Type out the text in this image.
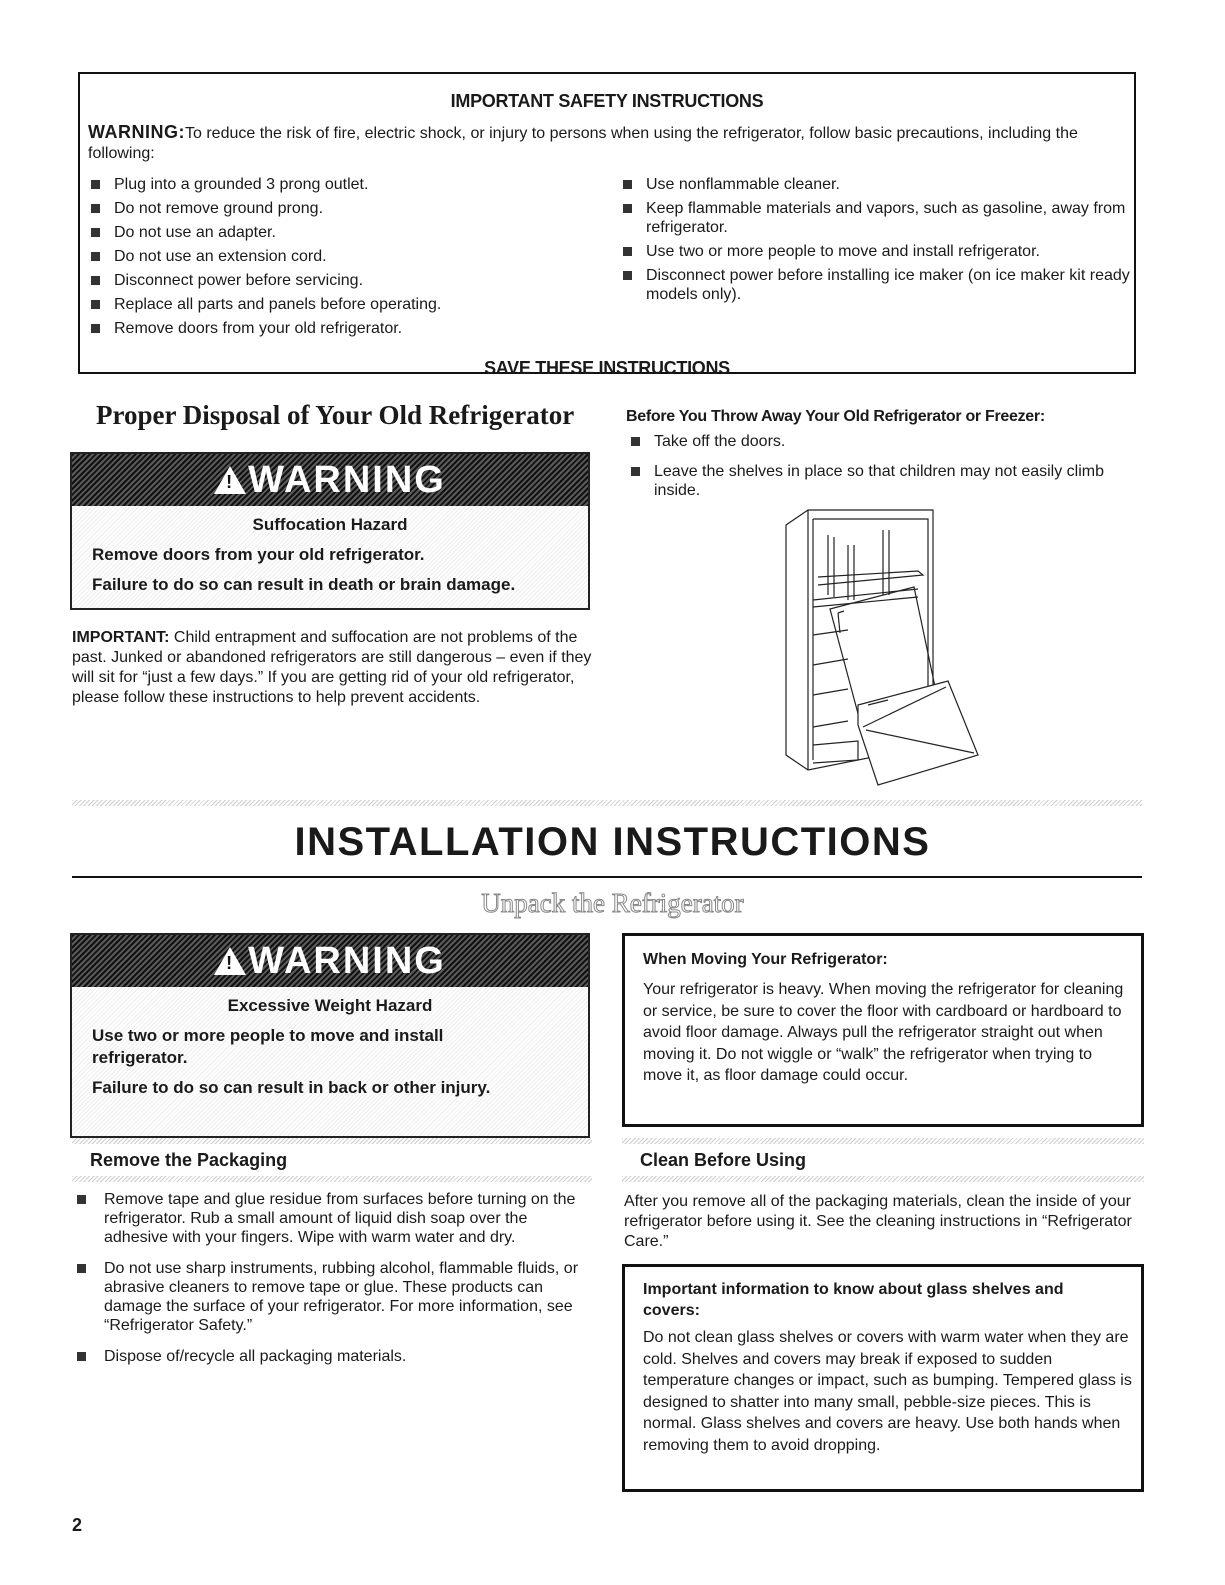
IMPORTANT SAFETY INSTRUCTIONS
WARNING:To reduce the risk of fire, electric shock, or injury to persons when using the refrigerator, follow basic precautions, including the following:
Plug into a grounded 3 prong outlet.
Do not remove ground prong.
Do not use an adapter.
Do not use an extension cord.
Disconnect power before servicing.
Replace all parts and panels before operating.
Remove doors from your old refrigerator.
Use nonflammable cleaner.
Keep flammable materials and vapors, such as gasoline, away from refrigerator.
Use two or more people to move and install refrigerator.
Disconnect power before installing ice maker (on ice maker kit ready models only).
SAVE THESE INSTRUCTIONS
Proper Disposal of Your Old Refrigerator
!WARNING
Suffocation Hazard
Remove doors from your old refrigerator.
Failure to do so can result in death or brain damage.
IMPORTANT: Child entrapment and suffocation are not problems of the past. Junked or abandoned refrigerators are still dangerous – even if they will sit for “just a few days.” If you are getting rid of your old refrigerator, please follow these instructions to help prevent accidents.
Before You Throw Away Your Old Refrigerator or Freezer:
Take off the doors.
Leave the shelves in place so that children may not easily climb inside.
INSTALLATION INSTRUCTIONS
Unpack the Refrigerator
!WARNING
Excessive Weight Hazard
Use two or more people to move and install refrigerator.
Failure to do so can result in back or other injury.
When Moving Your Refrigerator:
Your refrigerator is heavy. When moving the refrigerator for cleaning or service, be sure to cover the floor with cardboard or hardboard to avoid floor damage. Always pull the refrigerator straight out when moving it. Do not wiggle or “walk” the refrigerator when trying to move it, as floor damage could occur.
Remove the Packaging
Remove tape and glue residue from surfaces before turning on the refrigerator. Rub a small amount of liquid dish soap over the adhesive with your fingers. Wipe with warm water and dry.
Do not use sharp instruments, rubbing alcohol, flammable fluids, or abrasive cleaners to remove tape or glue. These products can damage the surface of your refrigerator. For more information, see “Refrigerator Safety.”
Dispose of/recycle all packaging materials.
Clean Before Using
After you remove all of the packaging materials, clean the inside of your refrigerator before using it. See the cleaning instructions in “Refrigerator Care.”
Important information to know about glass shelves and covers:
Do not clean glass shelves or covers with warm water when they are cold. Shelves and covers may break if exposed to sudden temperature changes or impact, such as bumping. Tempered glass is designed to shatter into many small, pebble-size pieces. This is normal. Glass shelves and covers are heavy. Use both hands when removing them to avoid dropping.
2
